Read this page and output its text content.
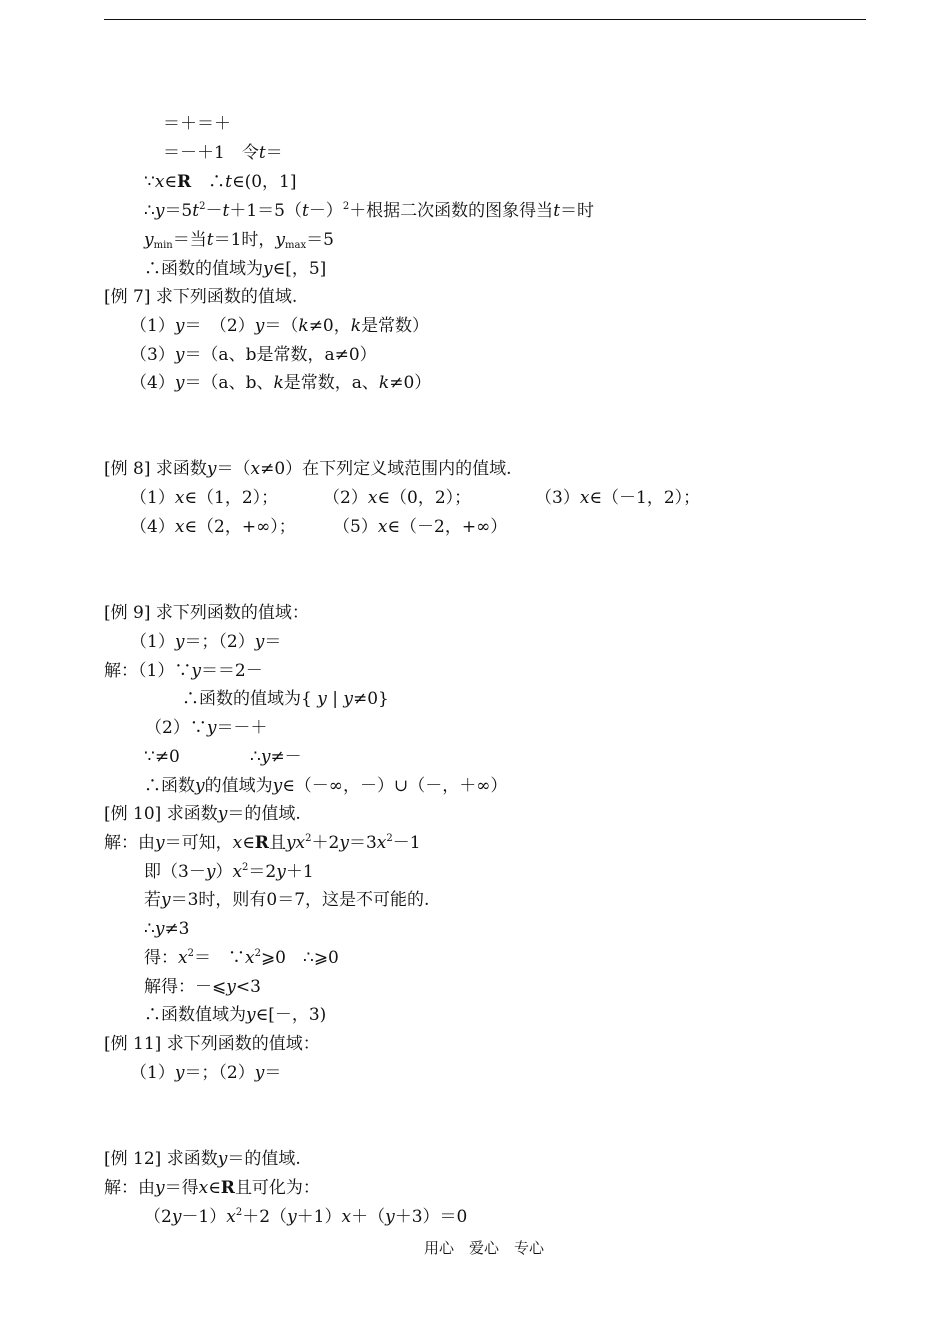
＝＋＝＋
＝－＋1　令t＝
∵x∈R　∴t∈(0，1]
$\therefore y=5t^2-t+1=5(t-)^2+$根据二次函数的图象得当t＝时
$y_{min}=$当t＝1时，$y_{max}=5$
∴函数的值域为y∈[，5]
[例 7] 求下列函数的值域.
（1）y＝　（2）y＝（k≠0，k是常数）
（3）y＝（a、b是常数，a≠0）
（4）y＝（a、b、k是常数，a、k≠0）
[例 8] 求函数y＝（x≠0）在下列定义域范围内的值域.
（1）x∈（1，2）；	（2）x∈（0，2）；	（3）x∈（－1，2）；
（4）x∈（2，+∞）； （5）x∈（－2，+∞）
[例 9] 求下列函数的值域：
（1）y＝；（2）y＝
解：（1）∵y＝＝2－
∴函数的值域为{ y | y≠0}
（2）∵y＝－＋
∵≠0	∴y≠－
∴函数y的值域为y∈（－∞，－）∪（－，＋∞）
[例 10] 求函数y＝的值域.
解：由y＝可知，x∈R且$yx^2+2y=3x^2-1$
即$(3-y)x^2=2y+1$
若y＝3时，则有0＝7，这是不可能的.
∴y≠3
得：$x^2=$　$\because x^2⩾0$　∴⩾0
解得：－⩽y<3
∴函数值域为y∈[－，3)
[例 11] 求下列函数的值域：
（1）y＝；（2）y＝
[例 12] 求函数y＝的值域.
解：由y＝得x∈R且可化为：
$(2y-1)x^2+2(y+1)x+(y+3)=0$
用心　爱心　专心
